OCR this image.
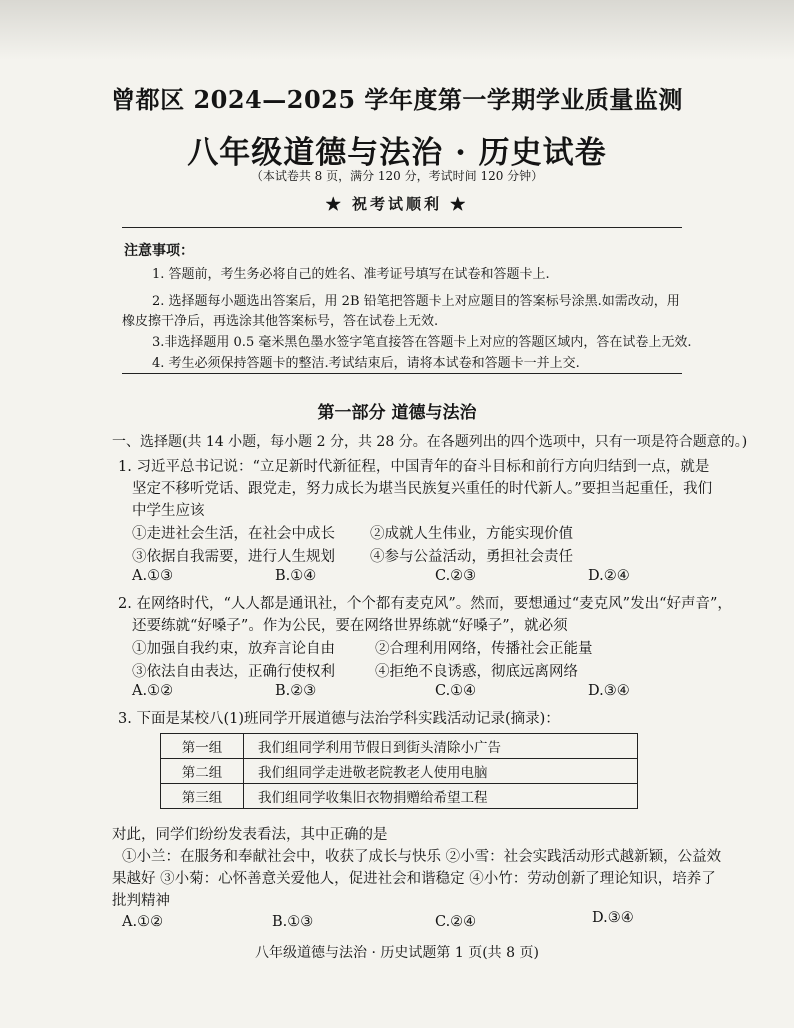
曾都区 2024—2025 学年度第一学期学业质量监测
八年级道德与法治 · 历史试卷
（本试卷共 8 页，满分 120 分，考试时间 120 分钟）
★ 祝考试顺利 ★
注意事项：
1. 答题前，考生务必将自己的姓名、准考证号填写在试卷和答题卡上.
2. 选择题每小题选出答案后，用 2B 铅笔把答题卡上对应题目的答案标号涂黑.如需改动，用
橡皮擦干净后，再选涂其他答案标号，答在试卷上无效.
3.非选择题用 0.5 毫米黑色墨水签字笔直接答在答题卡上对应的答题区域内，答在试卷上无效.
4. 考生必须保持答题卡的整洁.考试结束后，请将本试卷和答题卡一并上交.
第一部分 道德与法治
一、选择题(共 14 小题，每小题 2 分，共 28 分。在各题列出的四个选项中，只有一项是符合题意的。)
1. 习近平总书记说：“立足新时代新征程，中国青年的奋斗目标和前行方向归结到一点，就是
坚定不移听党话、跟党走，努力成长为堪当民族复兴重任的时代新人。”要担当起重任，我们
中学生应该
①走进社会生活，在社会中成长 ②成就人生伟业，方能实现价值
③依据自我需要，进行人生规划 ④参与公益活动，勇担社会责任
A.①③	B.①④	C.②③	D.②④
2. 在网络时代，“人人都是通讯社，个个都有麦克风”。然而，要想通过“麦克风”发出“好声音”，
还要练就“好嗓子”。作为公民，要在网络世界练就“好嗓子”，就必须
①加强自我约束，放弃言论自由	②合理利用网络，传播社会正能量
③依法自由表达，正确行使权利	④拒绝不良诱惑，彻底远离网络
A.①②	B.②③	C.①④	D.③④
3. 下面是某校八(1)班同学开展道德与法治学科实践活动记录(摘录)：
第一组	我们组同学利用节假日到街头清除小广告
第二组	我们组同学走进敬老院教老人使用电脑
第三组	我们组同学收集旧衣物捐赠给希望工程
对此，同学们纷纷发表看法，其中正确的是
①小兰：在服务和奉献社会中，收获了成长与快乐 ②小雪：社会实践活动形式越新颖，公益效
果越好 ③小菊：心怀善意关爱他人，促进社会和谐稳定 ④小竹：劳动创新了理论知识，培养了
批判精神
A.①②	B.①③	C.②④	D.③④
八年级道德与法治 · 历史试题第 1 页(共 8 页)
